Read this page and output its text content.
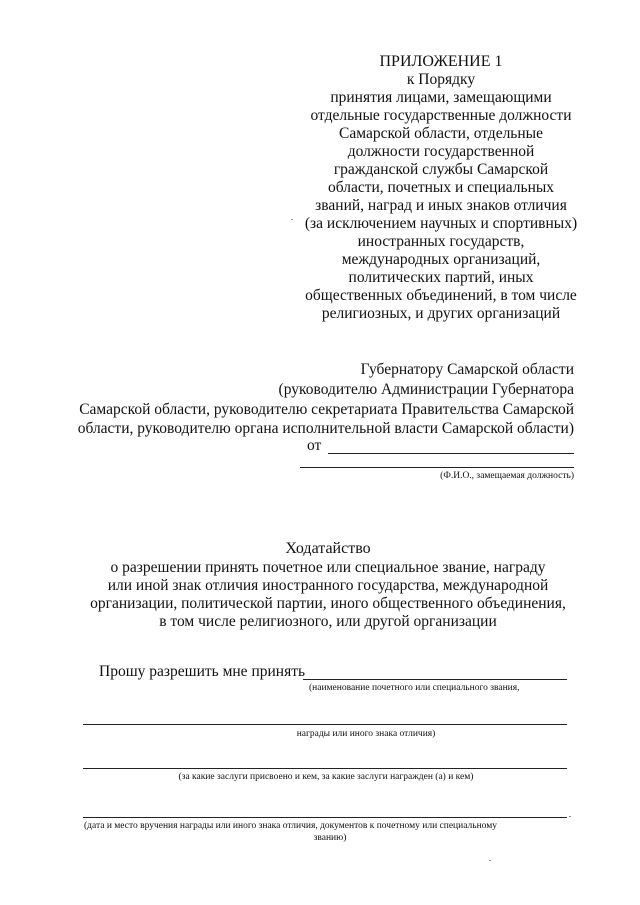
ПРИЛОЖЕНИЕ 1
к Порядку
принятия лицами, замещающими
отдельные государственные должности
Самарской области, отдельные
должности государственной
гражданской службы Самарской
области, почетных и специальных
званий, наград и иных знаков отличия
(за исключением научных и спортивных)
иностранных государств,
международных организаций,
политических партий, иных
общественных объединений, в том числе
религиозных, и других организаций
Губернатору Самарской области
(руководителю Администрации Губернатора
Самарской области, руководителю секретариата Правительства Самарской
области, руководителю органа исполнительной власти Самарской области)
от
(Ф.И.О., замещаемая должность)
Ходатайство
о разрешении принять почетное или специальное звание, награду
или иной знак отличия иностранного государства, международной
организации, политической партии, иного общественного объединения,
в том числе религиозного, или другой организации
Прошу разрешить мне принять
(наименование почетного или специального звания,
награды или иного знака отличия)
(за какие заслуги присвоено и кем, за какие заслуги награжден (а) и кем)
(дата и место вручения награды или иного знака отличия, документов к почетному или специальному
званию)
